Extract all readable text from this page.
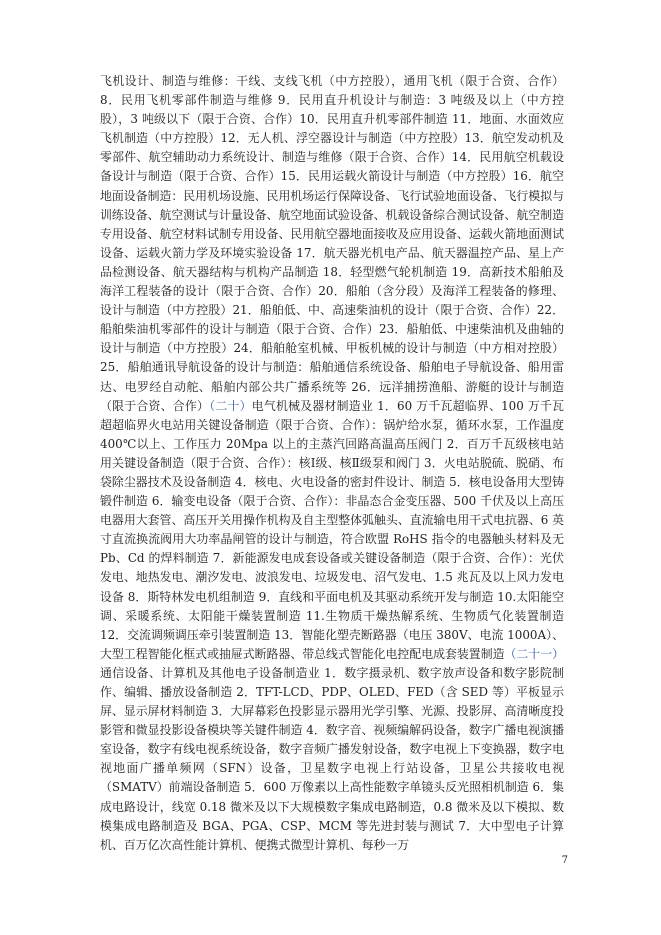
飞机设计、制造与维修：干线、支线飞机（中方控股），通用飞机（限于合资、合作）8．民用飞机零部件制造与维修 9．民用直升机设计与制造：3 吨级及以上（中方控股），3 吨级以下（限于合资、合作）10．民用直升机零部件制造 11．地面、水面效应飞机制造（中方控股）12．无人机、浮空器设计与制造（中方控股）13．航空发动机及零部件、航空辅助动力系统设计、制造与维修（限于合资、合作）14．民用航空机载设备设计与制造（限于合资、合作）15．民用运载火箭设计与制造（中方控股）16．航空地面设备制造：民用机场设施、民用机场运行保障设备、飞行试验地面设备、飞行模拟与训练设备、航空测试与计量设备、航空地面试验设备、机载设备综合测试设备、航空制造专用设备、航空材料试制专用设备、民用航空器地面接收及应用设备、运载火箭地面测试设备、运载火箭力学及环境实验设备 17．航天器光机电产品、航天器温控产品、星上产品检测设备、航天器结构与机构产品制造 18．轻型燃气轮机制造 19．高新技术船舶及海洋工程装备的设计（限于合资、合作）20．船舶（含分段）及海洋工程装备的修理、设计与制造（中方控股）21．船舶低、中、高速柴油机的设计（限于合资、合作）22．船舶柴油机零部件的设计与制造（限于合资、合作）23．船舶低、中速柴油机及曲轴的设计与制造（中方控股）24．船舶舱室机械、甲板机械的设计与制造（中方相对控股）25．船舶通讯导航设备的设计与制造：船舶通信系统设备、船舶电子导航设备、船用雷达、电罗经自动舵、船舶内部公共广播系统等 26．远洋捕捞渔船、游艇的设计与制造（限于合资、合作）（二十）电气机械及器材制造业 1．60 万千瓦超临界、100 万千瓦超超临界火电站用关键设备制造（限于合资、合作）：锅炉给水泵，循环水泵，工作温度 400℃以上、工作压力 20Mpa 以上的主蒸汽回路高温高压阀门 2．百万千瓦级核电站用关键设备制造（限于合资、合作）：核Ⅰ级、核Ⅱ级泵和阀门 3．火电站脱硫、脱硝、布袋除尘器技术及设备制造 4．核电、火电设备的密封件设计、制造 5．核电设备用大型铸锻件制造 6．输变电设备（限于合资、合作）：非晶态合金变压器、500 千伏及以上高压电器用大套管、高压开关用操作机构及自主型整体弧触头、直流输电用干式电抗器、6 英寸直流换流阀用大功率晶闸管的设计与制造，符合欧盟 RoHS 指令的电器触头材料及无 Pb、Cd 的焊料制造 7．新能源发电成套设备或关键设备制造（限于合资、合作）：光伏发电、地热发电、潮汐发电、波浪发电、垃圾发电、沼气发电、1.5 兆瓦及以上风力发电设备 8．斯特林发电机组制造 9．直线和平面电机及其驱动系统开发与制造 10.太阳能空调、采暖系统、太阳能干燥装置制造 11.生物质干燥热解系统、生物质气化装置制造 12．交流调频调压牵引装置制造 13．智能化塑壳断路器（电压 380V、电流 1000A）、大型工程智能化框式或抽屉式断路器、带总线式智能化电控配电成套装置制造（二十一）通信设备、计算机及其他电子设备制造业 1．数字摄录机、数字放声设备和数字影院制作、编辑、播放设备制造 2．TFT-LCD、PDP、OLED、FED（含 SED 等）平板显示屏、显示屏材料制造 3．大屏幕彩色投影显示器用光学引擎、光源、投影屏、高清晰度投影管和微显投影设备模块等关键件制造 4．数字音、视频编解码设备，数字广播电视演播室设备，数字有线电视系统设备，数字音频广播发射设备，数字电视上下变换器，数字电视地面广播单频网（SFN）设备，卫星数字电视上行站设备，卫星公共接收电视（SMATV）前端设备制造 5．600 万像素以上高性能数字单镜头反光照相机制造 6．集成电路设计，线宽 0.18 微米及以下大规模数字集成电路制造，0.8 微米及以下模拟、数模集成电路制造及 BGA、PGA、CSP、MCM 等先进封装与测试 7．大中型电子计算机、百万亿次高性能计算机、便携式微型计算机、每秒一万

7
